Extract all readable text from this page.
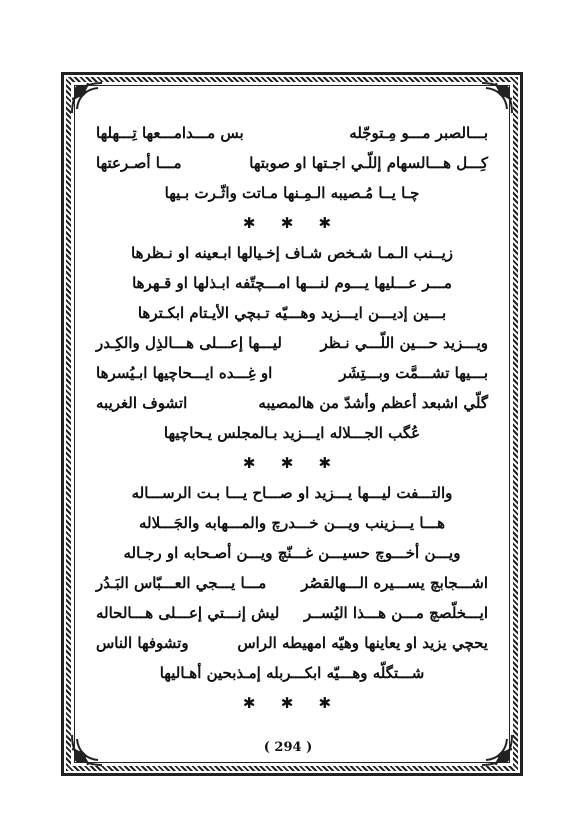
بـــالصبر مـــو مِـتوجّله
بس مـــدامـــعها تِـــهلها
كِـــل هـــالسهام إللّـي اجـتها او صوبتها
مـــا أصـرعتها
چـا يــا مُـصيبه الـمِـنها مـاتت واثّـرت بـيها
✱ ✱ ✱
زيــنب الـمـا شـخص شـاف إخـيالها ابـعينه او نـظرها
مـــر عـــليها يـــوم لنـــها امـــچتّفه ابـذلها او قـهرها
بـــين إديـــن ايـــزيد وهـــيّه تـبچي الأيـتام ابكـترها
ويـــزيد حـــين اللّـــي نـظر
ليـــها إعـــلى هـــالذِل والكِـدر
بـــيها تشـــمَّت وبـــتِشَر
او غِـــده ايـــحاچيها ابـيُسرها
گلّي اشبعد أعظم وأشدّ من هالمصيبه
اتشوف الغريبه
عُگب الجـــلاله ايـــزيد بـالمجلس يـحاچيها
✱ ✱ ✱
والتـــفت ليـــها يـــزيد او صـــاح يـــا بـت الرســـاله
هـــا يـــزينب ويـــن خـــدرچ والمـــهابه والجَـــلاله
ويـــن أخـــوچ حسيـــن غـــنّچ ويـــن أصـحابه او رجـاله
اشـــجابچ يســـيره الـــهالقصُر
مـــا يـــجي العـــبّاس البَـدُر
ايـــخلّصچ مـــن هـــذا اليُســر
ليش إنـــتي إعـــلى هـــالحاله
يحچي يزيد او يعاينها وهيّه امهيطه الراس
وتشوفها الناس
شـــتگلّه وهـــيّه ابكـــربله إمـذبحين أهـاليها
✱ ✱ ✱
( 294 )
